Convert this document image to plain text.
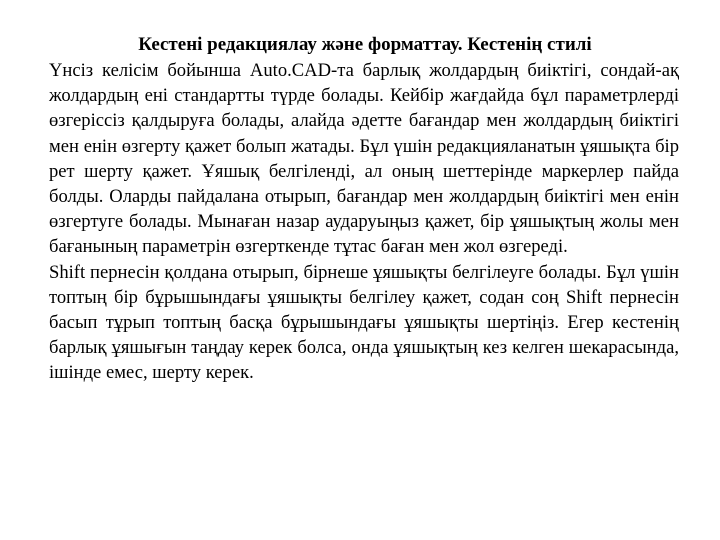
Кестені редакциялау және форматтау. Кестенің стилі

Үнсіз келісім бойынша Auto.CAD-та барлық жолдардың биіктігі, сондай-ақ жолдардың ені стандартты түрде болады. Кейбір жағдайда бұл параметрлерді өзгеріссіз қалдыруға болады, алайда әдетте бағандар мен жолдардың биіктігі мен енін өзгерту қажет болып жатады. Бұл үшін редакцияланатын ұяшықта бір рет шерту қажет. Ұяшық белгіленді, ал оның шеттерінде маркерлер пайда болды. Оларды пайдалана отырып, бағандар мен жолдардың биіктігі мен енін өзгертуге болады. Мынаған назар аударуыңыз қажет, бір ұяшықтың жолы мен бағанының параметрін өзгерткенде тұтас баған мен жол өзгереді.

Shift пернесін қолдана отырып, бірнеше ұяшықты белгілеуге болады. Бұл үшін топтың бір бұрышындағы ұяшықты белгілеу қажет, содан соң Shift пернесін басып тұрып топтың басқа бұрышындағы ұяшықты шертіңіз. Егер кестенің барлық ұяшығын таңдау керек болса, онда ұяшықтың кез келген шекарасында, ішінде емес, шерту керек.
